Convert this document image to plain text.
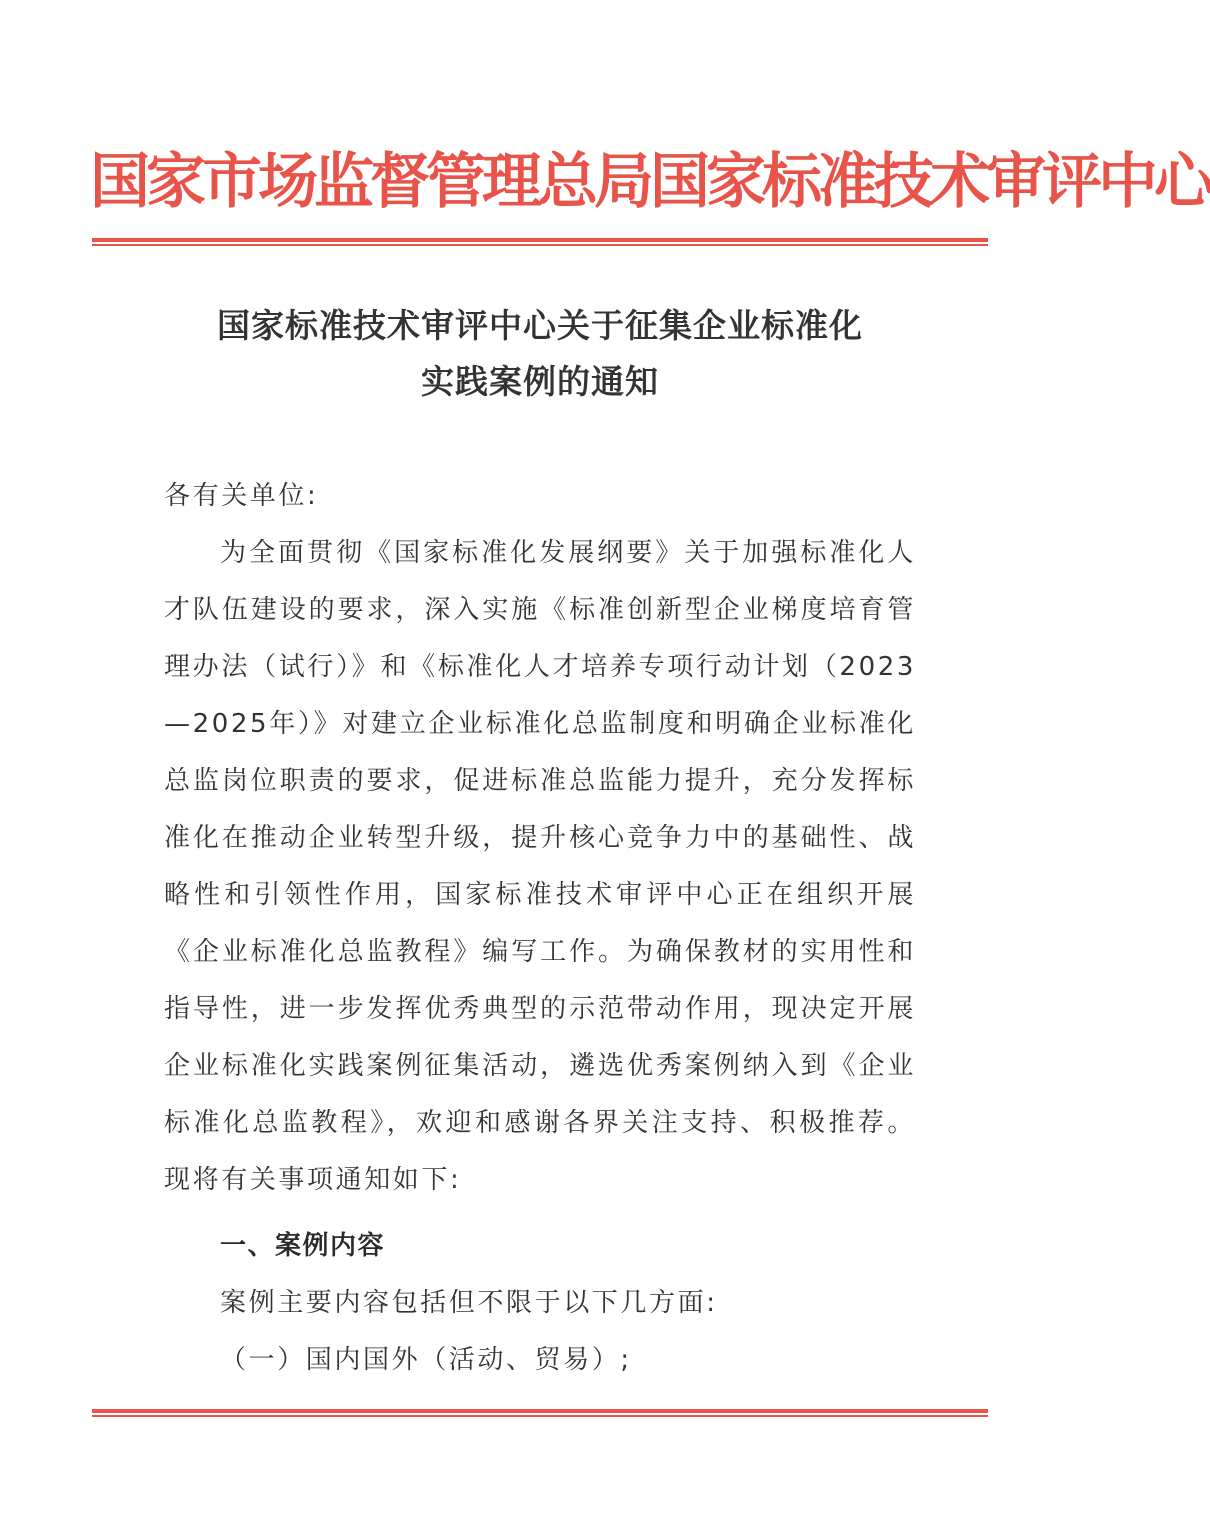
国家市场监督管理总局国家标准技术审评中心
国家标准技术审评中心关于征集企业标准化
实践案例的通知
各有关单位:
为全面贯彻《国家标准化发展纲要》关于加强标准化人才队伍建设的要求，深入实施《标准创新型企业梯度培育管理办法（试行）》和《标准化人才培养专项行动计划（2023—2025年）》对建立企业标准化总监制度和明确企业标准化总监岗位职责的要求，促进标准总监能力提升，充分发挥标准化在推动企业转型升级，提升核心竞争力中的基础性、战略性和引领性作用，国家标准技术审评中心正在组织开展《企业标准化总监教程》编写工作。为确保教材的实用性和指导性，进一步发挥优秀典型的示范带动作用，现决定开展企业标准化实践案例征集活动，遴选优秀案例纳入到《企业标准化总监教程》，欢迎和感谢各界关注支持、积极推荐。现将有关事项通知如下:
一、案例内容
案例主要内容包括但不限于以下几方面:
（一）国内国外（活动、贸易）;
